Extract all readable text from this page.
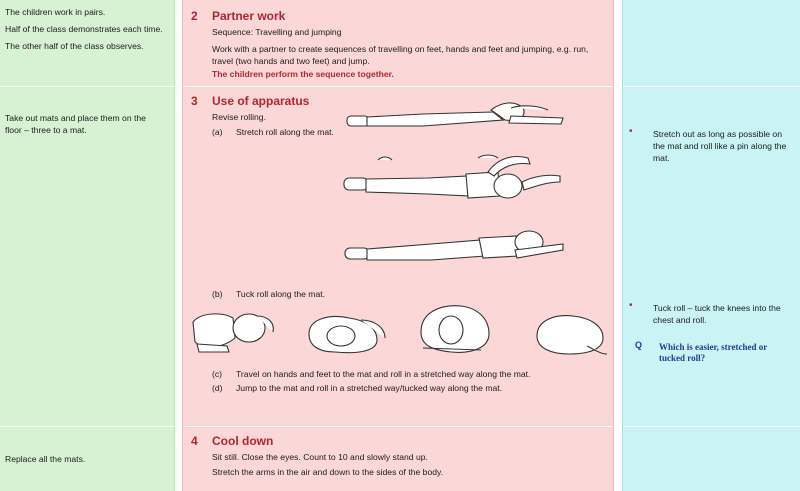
The children work in pairs.
Half of the class demonstrates each time.
The other half of the class observes.
Take out mats and place them on the
floor – three to a mat.
Replace all the mats.
2 Partner work
Sequence: Travelling and jumping
Work with a partner to create sequences of travelling on feet, hands and feet and jumping, e.g. run,
travel (two hands and two feet) and jump.
The children perform the sequence together.
3 Use of apparatus
Revise rolling.
(a) Stretch roll along the mat.
(b) Tuck roll along the mat.
(c) Travel on hands and feet to the mat and roll in a stretched way along the mat.
(d) Jump to the mat and roll in a stretched way/tucked way along the mat.
4 Cool down
Sit still. Close the eyes. Count to 10 and slowly stand up.
Stretch the arms in the air and down to the sides of the body.
• Stretch out as long as possible on
the mat and roll like a pin along the
mat.
• Tuck roll – tuck the knees into the
chest and roll.
Q Which is easier, stretched or
tucked roll?
